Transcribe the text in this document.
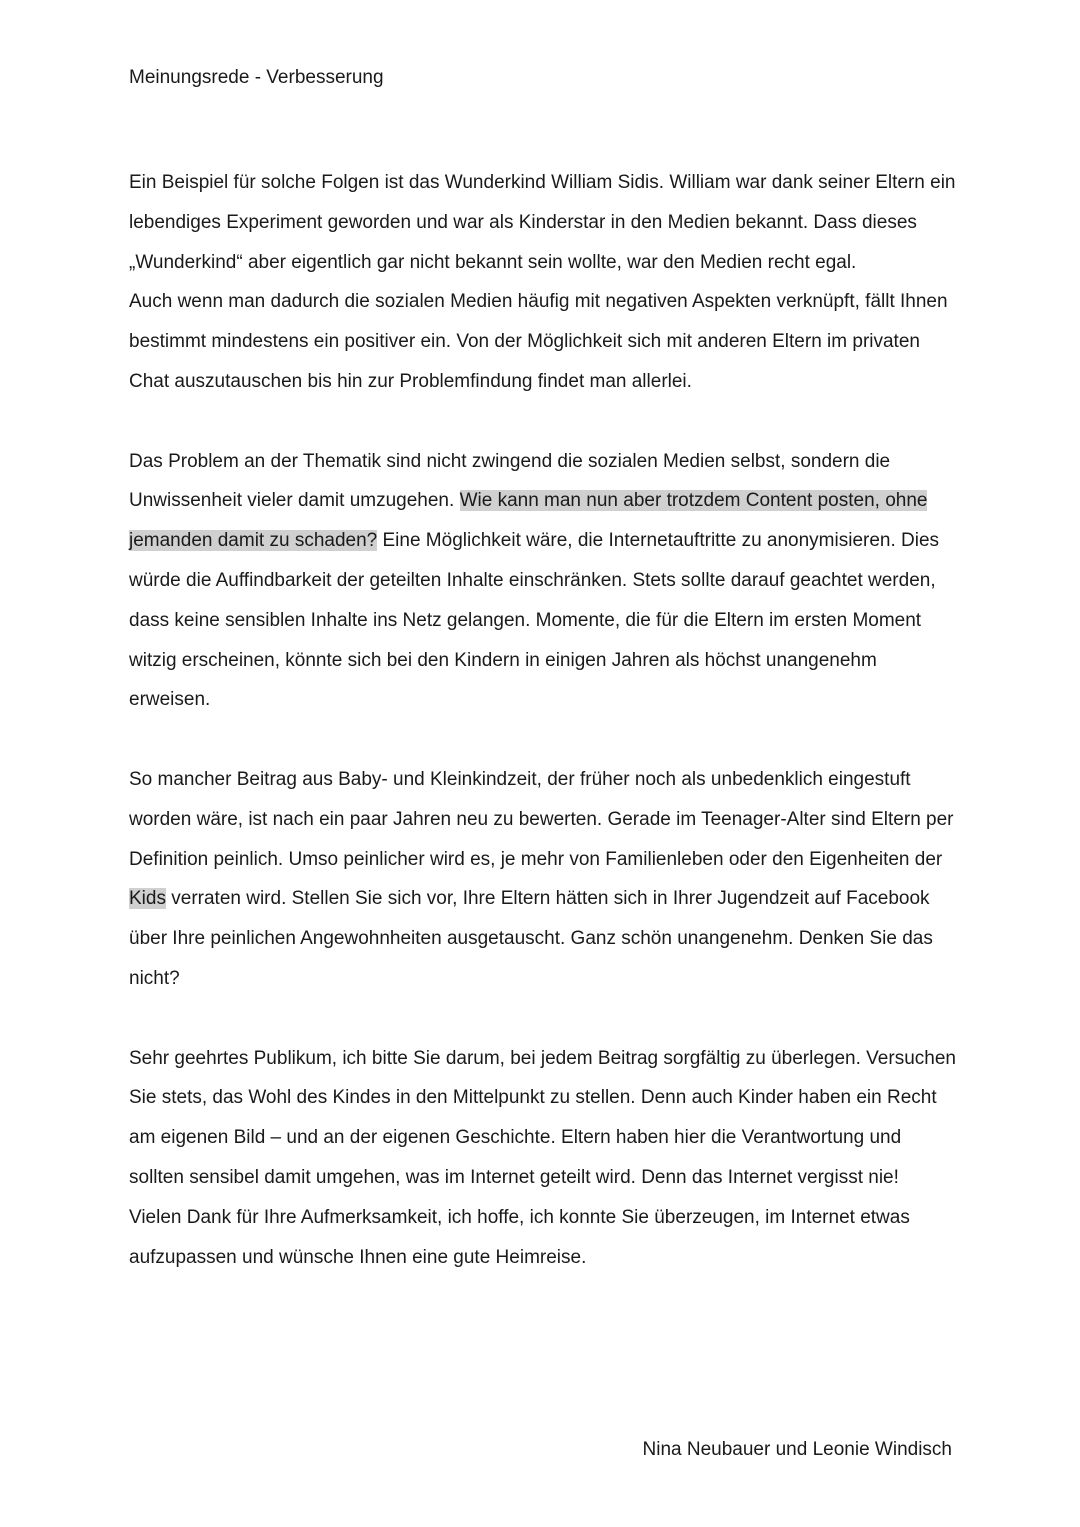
Meinungsrede - Verbesserung

Ein Beispiel für solche Folgen ist das Wunderkind William Sidis. William war dank seiner Eltern ein lebendiges Experiment geworden und war als Kinderstar in den Medien bekannt. Dass dieses „Wunderkind“ aber eigentlich gar nicht bekannt sein wollte, war den Medien recht egal.

Auch wenn man dadurch die sozialen Medien häufig mit negativen Aspekten verknüpft, fällt Ihnen bestimmt mindestens ein positiver ein. Von der Möglichkeit sich mit anderen Eltern im privaten Chat auszutauschen bis hin zur Problemfindung findet man allerlei.

Das Problem an der Thematik sind nicht zwingend die sozialen Medien selbst, sondern die Unwissenheit vieler damit umzugehen. Wie kann man nun aber trotzdem Content posten, ohne jemanden damit zu schaden? Eine Möglichkeit wäre, die Internetauftritte zu anonymisieren. Dies würde die Auffindbarkeit der geteilten Inhalte einschränken. Stets sollte darauf geachtet werden, dass keine sensiblen Inhalte ins Netz gelangen. Momente, die für die Eltern im ersten Moment witzig erscheinen, könnte sich bei den Kindern in einigen Jahren als höchst unangenehm erweisen.

So mancher Beitrag aus Baby- und Kleinkindzeit, der früher noch als unbedenklich eingestuft worden wäre, ist nach ein paar Jahren neu zu bewerten. Gerade im Teenager-Alter sind Eltern per Definition peinlich. Umso peinlicher wird es, je mehr von Familienleben oder den Eigenheiten der Kids verraten wird. Stellen Sie sich vor, Ihre Eltern hätten sich in Ihrer Jugendzeit auf Facebook über Ihre peinlichen Angewohnheiten ausgetauscht. Ganz schön unangenehm. Denken Sie das nicht?

Sehr geehrtes Publikum, ich bitte Sie darum, bei jedem Beitrag sorgfältig zu überlegen. Versuchen Sie stets, das Wohl des Kindes in den Mittelpunkt zu stellen. Denn auch Kinder haben ein Recht am eigenen Bild – und an der eigenen Geschichte. Eltern haben hier die Verantwortung und sollten sensibel damit umgehen, was im Internet geteilt wird. Denn das Internet vergisst nie!

Vielen Dank für Ihre Aufmerksamkeit, ich hoffe, ich konnte Sie überzeugen, im Internet etwas aufzupassen und wünsche Ihnen eine gute Heimreise.

Nina Neubauer und Leonie Windisch
